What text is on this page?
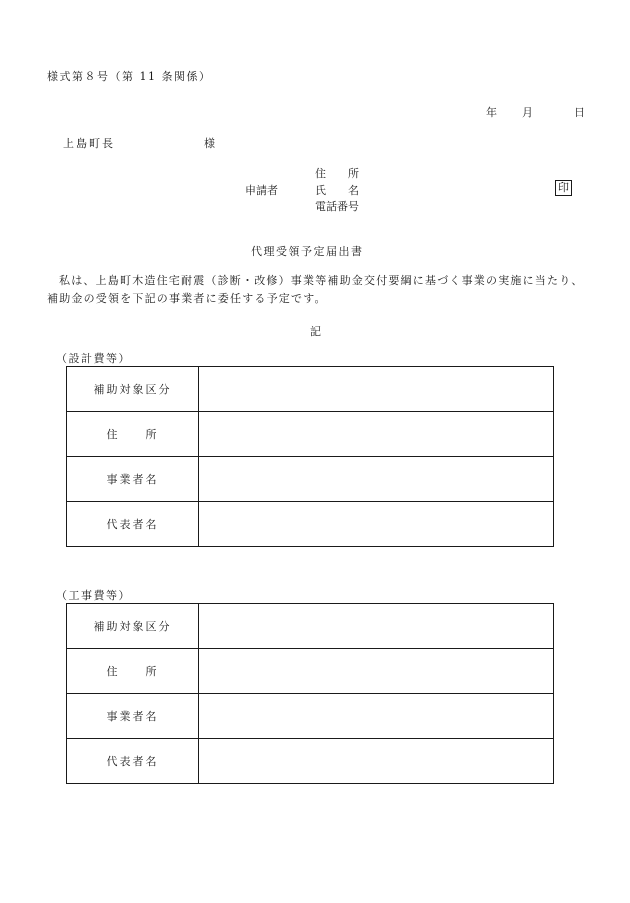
様式第８号（第 11 条関係）
年 月	日
上島町長	様
住　　所
申請者	氏　　名
電話番号
印
代理受領予定届出書
私は、上島町木造住宅耐震（診断・改修）事業等補助金交付要綱に基づく事業の実施に当たり、補助金の受領を下記の事業者に委任する予定です。
記
（設計費等）
補助対象区分	
住　　所	
事業者名	
代表者名	
（工事費等）
補助対象区分	
住　　所	
事業者名	
代表者名	
